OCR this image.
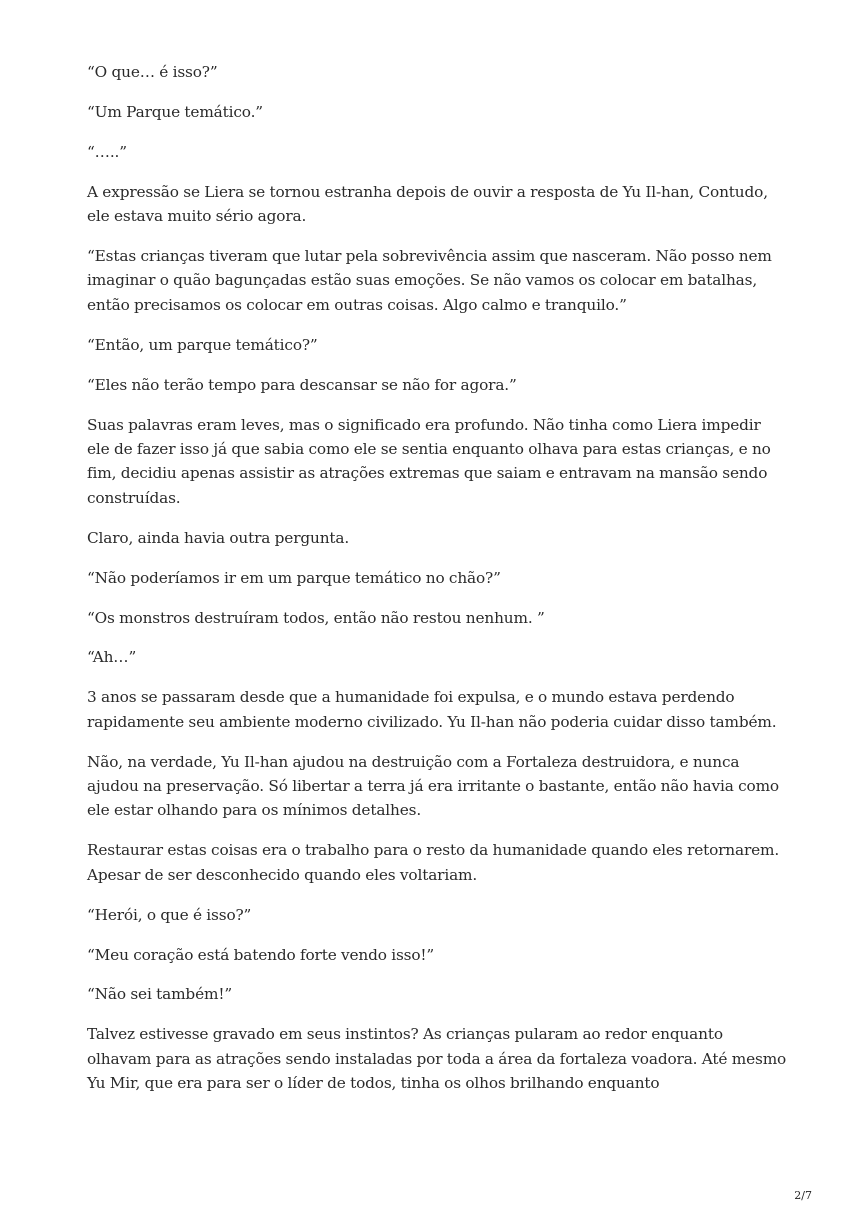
“O que… é isso?”

“Um Parque temático.”

“…..”

A expressão se Liera se tornou estranha depois de ouvir a resposta de Yu Il-han, Contudo, ele estava muito sério agora.

“Estas crianças tiveram que lutar pela sobrevivência assim que nasceram. Não posso nem imaginar o quão bagunçadas estão suas emoções. Se não vamos os colocar em batalhas, então precisamos os colocar em outras coisas. Algo calmo e tranquilo.”

“Então, um parque temático?”

“Eles não terão tempo para descansar se não for agora.”

Suas palavras eram leves, mas o significado era profundo. Não tinha como Liera impedir ele de fazer isso já que sabia como ele se sentia enquanto olhava para estas crianças, e no fim, decidiu apenas assistir as atrações extremas que saiam e entravam na mansão sendo construídas.

Claro, ainda havia outra pergunta.

“Não poderíamos ir em um parque temático no chão?”

“Os monstros destruíram todos, então não restou nenhum. ”

“Ah…”

3 anos se passaram desde que a humanidade foi expulsa, e o mundo estava perdendo rapidamente seu ambiente moderno civilizado. Yu Il-han não poderia cuidar disso também.

Não, na verdade, Yu Il-han ajudou na destruição com a Fortaleza destruidora, e nunca ajudou na preservação. Só libertar a terra já era irritante o bastante, então não havia como ele estar olhando para os mínimos detalhes.

Restaurar estas coisas era o trabalho para o resto da humanidade quando eles retornarem. Apesar de ser desconhecido quando eles voltariam.

“Herói, o que é isso?”

“Meu coração está batendo forte vendo isso!”

“Não sei também!”

Talvez estivesse gravado em seus instintos? As crianças pularam ao redor enquanto olhavam para as atrações sendo instaladas por toda a área da fortaleza voadora. Até mesmo Yu Mir, que era para ser o líder de todos, tinha os olhos brilhando enquanto

2/7
